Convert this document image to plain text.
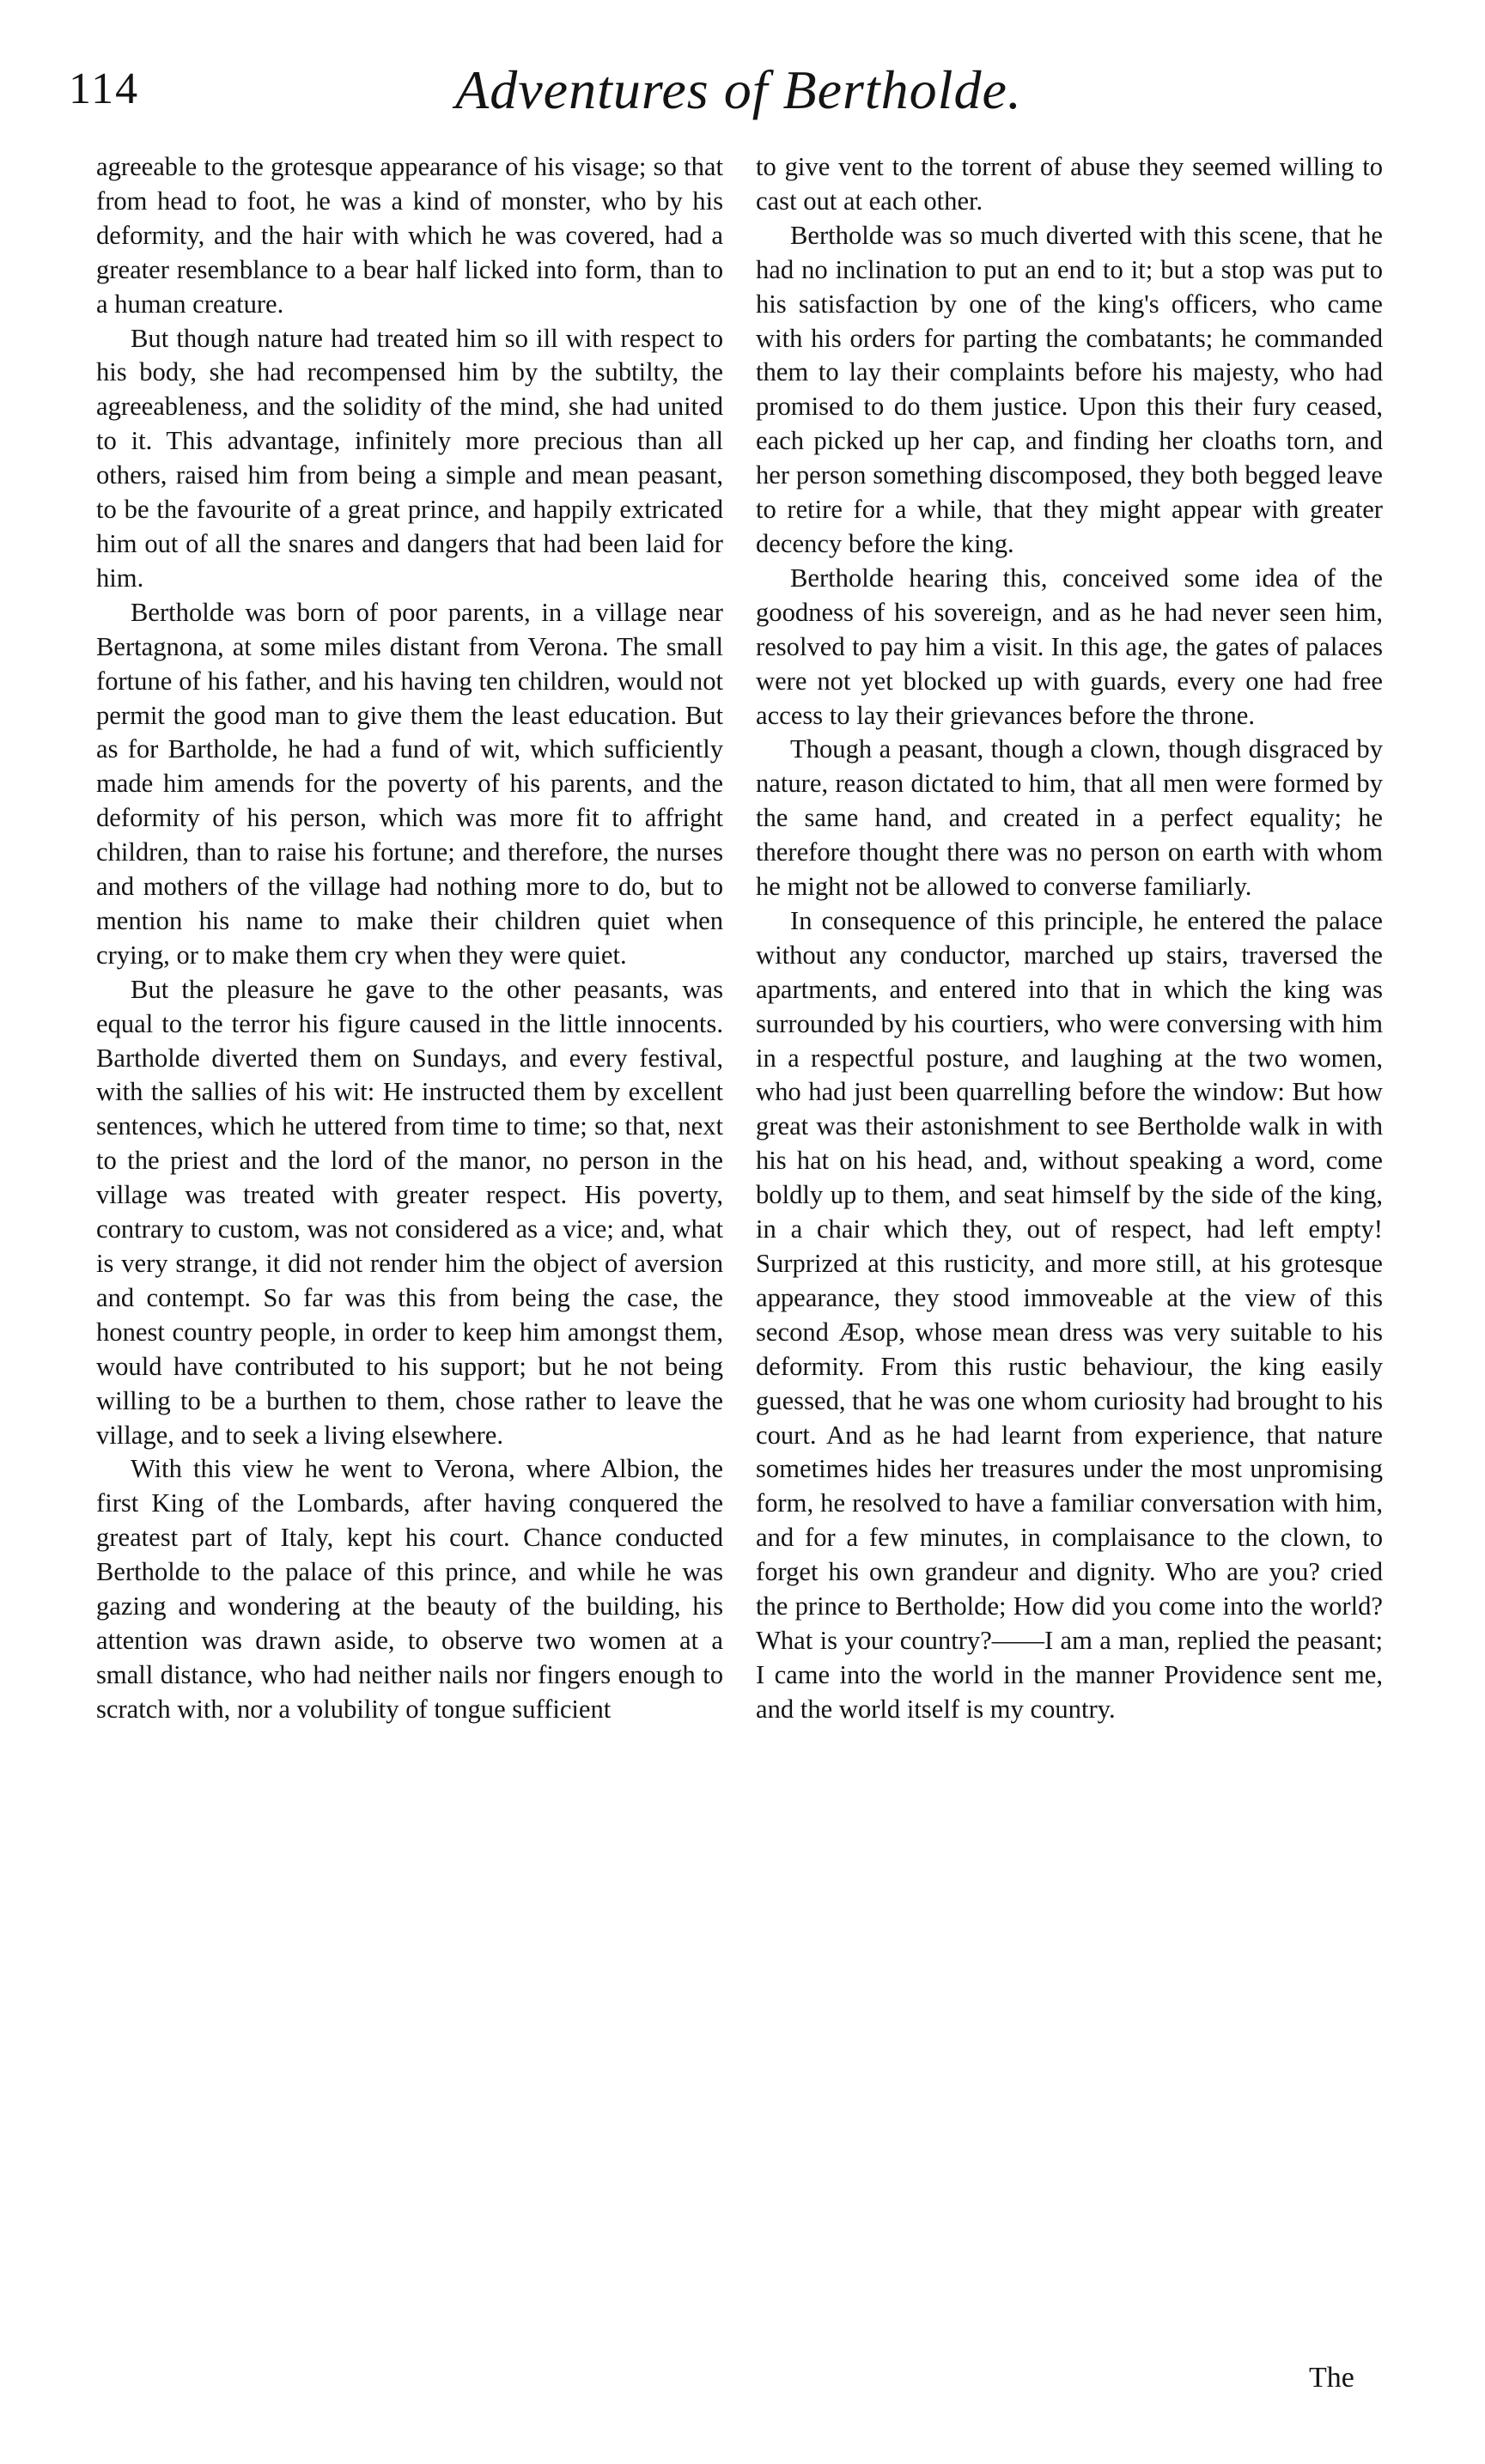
114	Adventures of Bertholde.

agreeable to the grotesque appearance of his visage; so that from head to foot, he was a kind of monster, who by his deformity, and the hair with which he was covered, had a greater resemblance to a bear half licked into form, than to a human creature.

But though nature had treated him so ill with respect to his body, she had recompensed him by the subtilty, the agreeableness, and the solidity of the mind, she had united to it. This advantage, infinitely more precious than all others, raised him from being a simple and mean peasant, to be the favourite of a great prince, and happily extricated him out of all the snares and dangers that had been laid for him.

Bertholde was born of poor parents, in a village near Bertagnona, at some miles distant from Verona. The small fortune of his father, and his having ten children, would not permit the good man to give them the least education. But as for Bartholde, he had a fund of wit, which sufficiently made him amends for the poverty of his parents, and the deformity of his person, which was more fit to affright children, than to raise his fortune; and therefore, the nurses and mothers of the village had nothing more to do, but to mention his name to make their children quiet when crying, or to make them cry when they were quiet.

But the pleasure he gave to the other peasants, was equal to the terror his figure caused in the little innocents. Bartholde diverted them on Sundays, and every festival, with the sallies of his wit: He instructed them by excellent sentences, which he uttered from time to time; so that, next to the priest and the lord of the manor, no person in the village was treated with greater respect. His poverty, contrary to custom, was not considered as a vice; and, what is very strange, it did not render him the object of aversion and contempt. So far was this from being the case, the honest country people, in order to keep him amongst them, would have contributed to his support; but he not being willing to be a burthen to them, chose rather to leave the village, and to seek a living elsewhere.

With this view he went to Verona, where Albion, the first King of the Lombards, after having conquered the greatest part of Italy, kept his court. Chance conducted Bertholde to the palace of this prince, and while he was gazing and wondering at the beauty of the building, his attention was drawn aside, to observe two women at a small distance, who had neither nails nor fingers enough to scratch with, nor a volubility of tongue sufficient

to give vent to the torrent of abuse they seemed willing to cast out at each other.

Bertholde was so much diverted with this scene, that he had no inclination to put an end to it; but a stop was put to his satisfaction by one of the king's officers, who came with his orders for parting the combatants; he commanded them to lay their complaints before his majesty, who had promised to do them justice. Upon this their fury ceased, each picked up her cap, and finding her cloaths torn, and her person something discomposed, they both begged leave to retire for a while, that they might appear with greater decency before the king.

Bertholde hearing this, conceived some idea of the goodness of his sovereign, and as he had never seen him, resolved to pay him a visit. In this age, the gates of palaces were not yet blocked up with guards, every one had free access to lay their grievances before the throne.

Though a peasant, though a clown, though disgraced by nature, reason dictated to him, that all men were formed by the same hand, and created in a perfect equality; he therefore thought there was no person on earth with whom he might not be allowed to converse familiarly.

In consequence of this principle, he entered the palace without any conductor, marched up stairs, traversed the apartments, and entered into that in which the king was surrounded by his courtiers, who were conversing with him in a respectful posture, and laughing at the two women, who had just been quarrelling before the window: But how great was their astonishment to see Bertholde walk in with his hat on his head, and, without speaking a word, come boldly up to them, and seat himself by the side of the king, in a chair which they, out of respect, had left empty! Surprized at this rusticity, and more still, at his grotesque appearance, they stood immoveable at the view of this second Æsop, whose mean dress was very suitable to his deformity. From this rustic behaviour, the king easily guessed, that he was one whom curiosity had brought to his court. And as he had learnt from experience, that nature sometimes hides her treasures under the most unpromising form, he resolved to have a familiar conversation with him, and for a few minutes, in complaisance to the clown, to forget his own grandeur and dignity. Who are you? cried the prince to Bertholde; How did you come into the world? What is your country?——I am a man, replied the peasant; I came into the world in the manner Providence sent me, and the world itself is my country.

The
